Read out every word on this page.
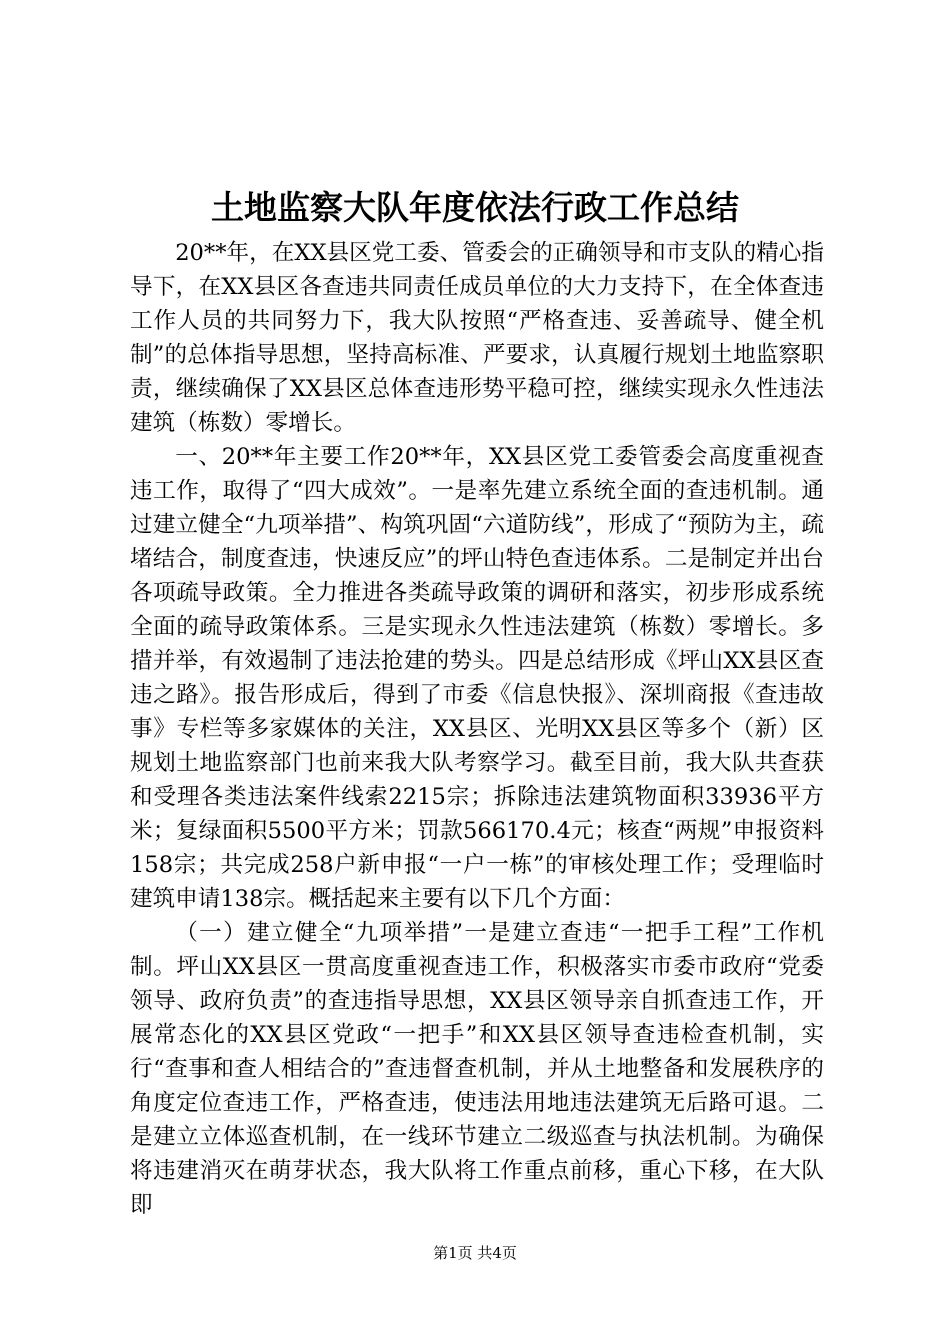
土地监察大队年度依法行政工作总结

20**年，在XX县区党工委、管委会的正确领导和市支队的精心指导下，在XX县区各查违共同责任成员单位的大力支持下，在全体查违工作人员的共同努力下，我大队按照“严格查违、妥善疏导、健全机制”的总体指导思想，坚持高标准、严要求，认真履行规划土地监察职责，继续确保了XX县区总体查违形势平稳可控，继续实现永久性违法建筑（栋数）零增长。

一、20**年主要工作20**年，XX县区党工委管委会高度重视查违工作，取得了“四大成效”。一是率先建立系统全面的查违机制。通过建立健全“九项举措”、构筑巩固“六道防线”，形成了“预防为主，疏堵结合，制度查违，快速反应”的坪山特色查违体系。二是制定并出台各项疏导政策。全力推进各类疏导政策的调研和落实，初步形成系统全面的疏导政策体系。三是实现永久性违法建筑（栋数）零增长。多措并举，有效遏制了违法抢建的势头。四是总结形成《坪山XX县区查违之路》。报告形成后，得到了市委《信息快报》、深圳商报《查违故事》专栏等多家媒体的关注，XX县区、光明XX县区等多个（新）区规划土地监察部门也前来我大队考察学习。截至目前，我大队共查获和受理各类违法案件线索2215宗；拆除违法建筑物面积33936平方米；复绿面积5500平方米；罚款566170.4元；核查“两规”申报资料158宗；共完成258户新申报“一户一栋”的审核处理工作；受理临时建筑申请138宗。概括起来主要有以下几个方面：

（一）建立健全“九项举措”一是建立查违“一把手工程”工作机制。坪山XX县区一贯高度重视查违工作，积极落实市委市政府“党委领导、政府负责”的查违指导思想，XX县区领导亲自抓查违工作，开展常态化的XX县区党政“一把手”和XX县区领导查违检查机制，实行“查事和查人相结合的”查违督查机制，并从土地整备和发展秩序的角度定位查违工作，严格查违，使违法用地违法建筑无后路可退。二是建立立体巡查机制，在一线环节建立二级巡查与执法机制。为确保将违建消灭在萌芽状态，我大队将工作重点前移，重心下移，在大队即

第1页 共4页
